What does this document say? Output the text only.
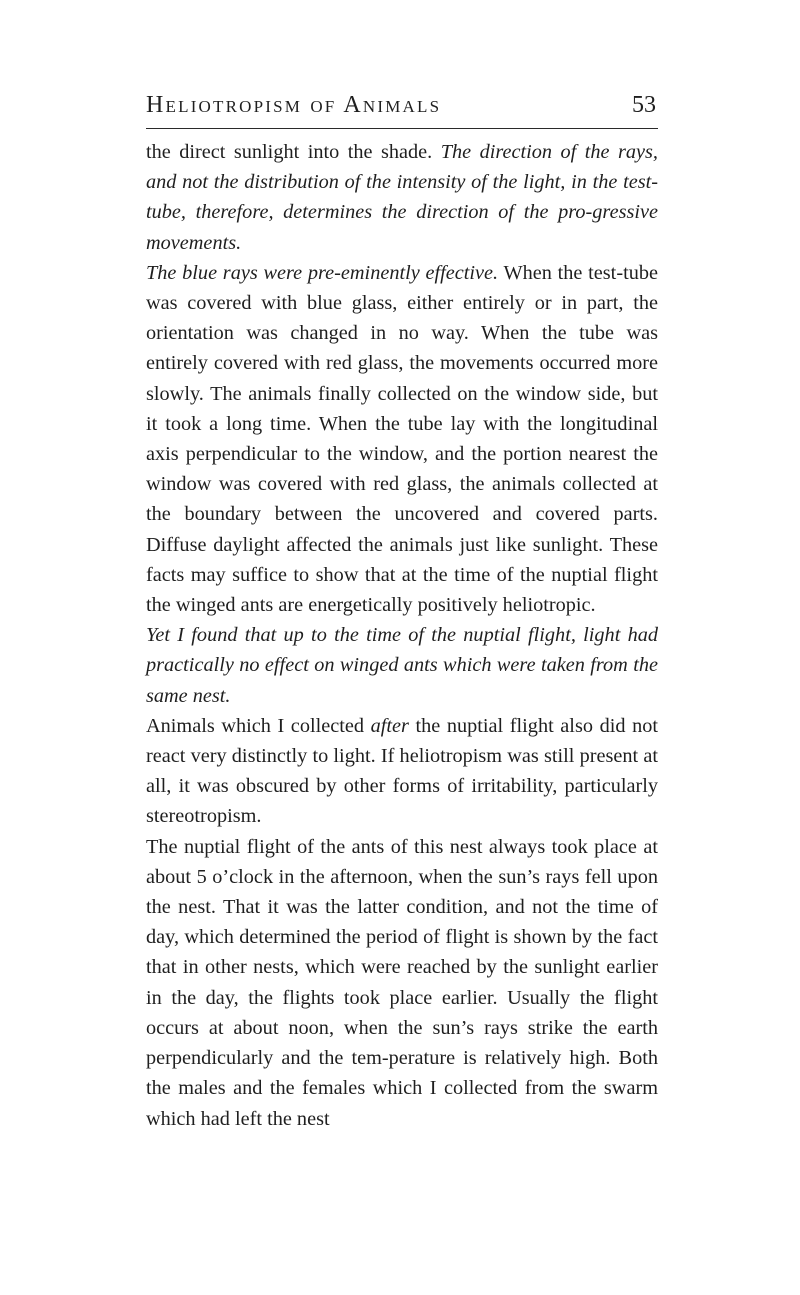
Heliotropism of Animals	53

the direct sunlight into the shade. The direction of the rays, and not the distribution of the intensity of the light, in the test-tube, therefore, determines the direction of the pro-gressive movements.

The blue rays were pre-eminently effective. When the test-tube was covered with blue glass, either entirely or in part, the orientation was changed in no way. When the tube was entirely covered with red glass, the movements occurred more slowly. The animals finally collected on the window side, but it took a long time. When the tube lay with the longitudinal axis perpendicular to the window, and the portion nearest the window was covered with red glass, the animals collected at the boundary between the uncovered and covered parts. Diffuse daylight affected the animals just like sunlight. These facts may suffice to show that at the time of the nuptial flight the winged ants are energetically positively heliotropic.

Yet I found that up to the time of the nuptial flight, light had practically no effect on winged ants which were taken from the same nest.

Animals which I collected after the nuptial flight also did not react very distinctly to light. If heliotropism was still present at all, it was obscured by other forms of irritability, particularly stereotropism.

The nuptial flight of the ants of this nest always took place at about 5 o’clock in the afternoon, when the sun’s rays fell upon the nest. That it was the latter condition, and not the time of day, which determined the period of flight is shown by the fact that in other nests, which were reached by the sunlight earlier in the day, the flights took place earlier. Usually the flight occurs at about noon, when the sun’s rays strike the earth perpendicularly and the tem-perature is relatively high. Both the males and the females which I collected from the swarm which had left the nest
